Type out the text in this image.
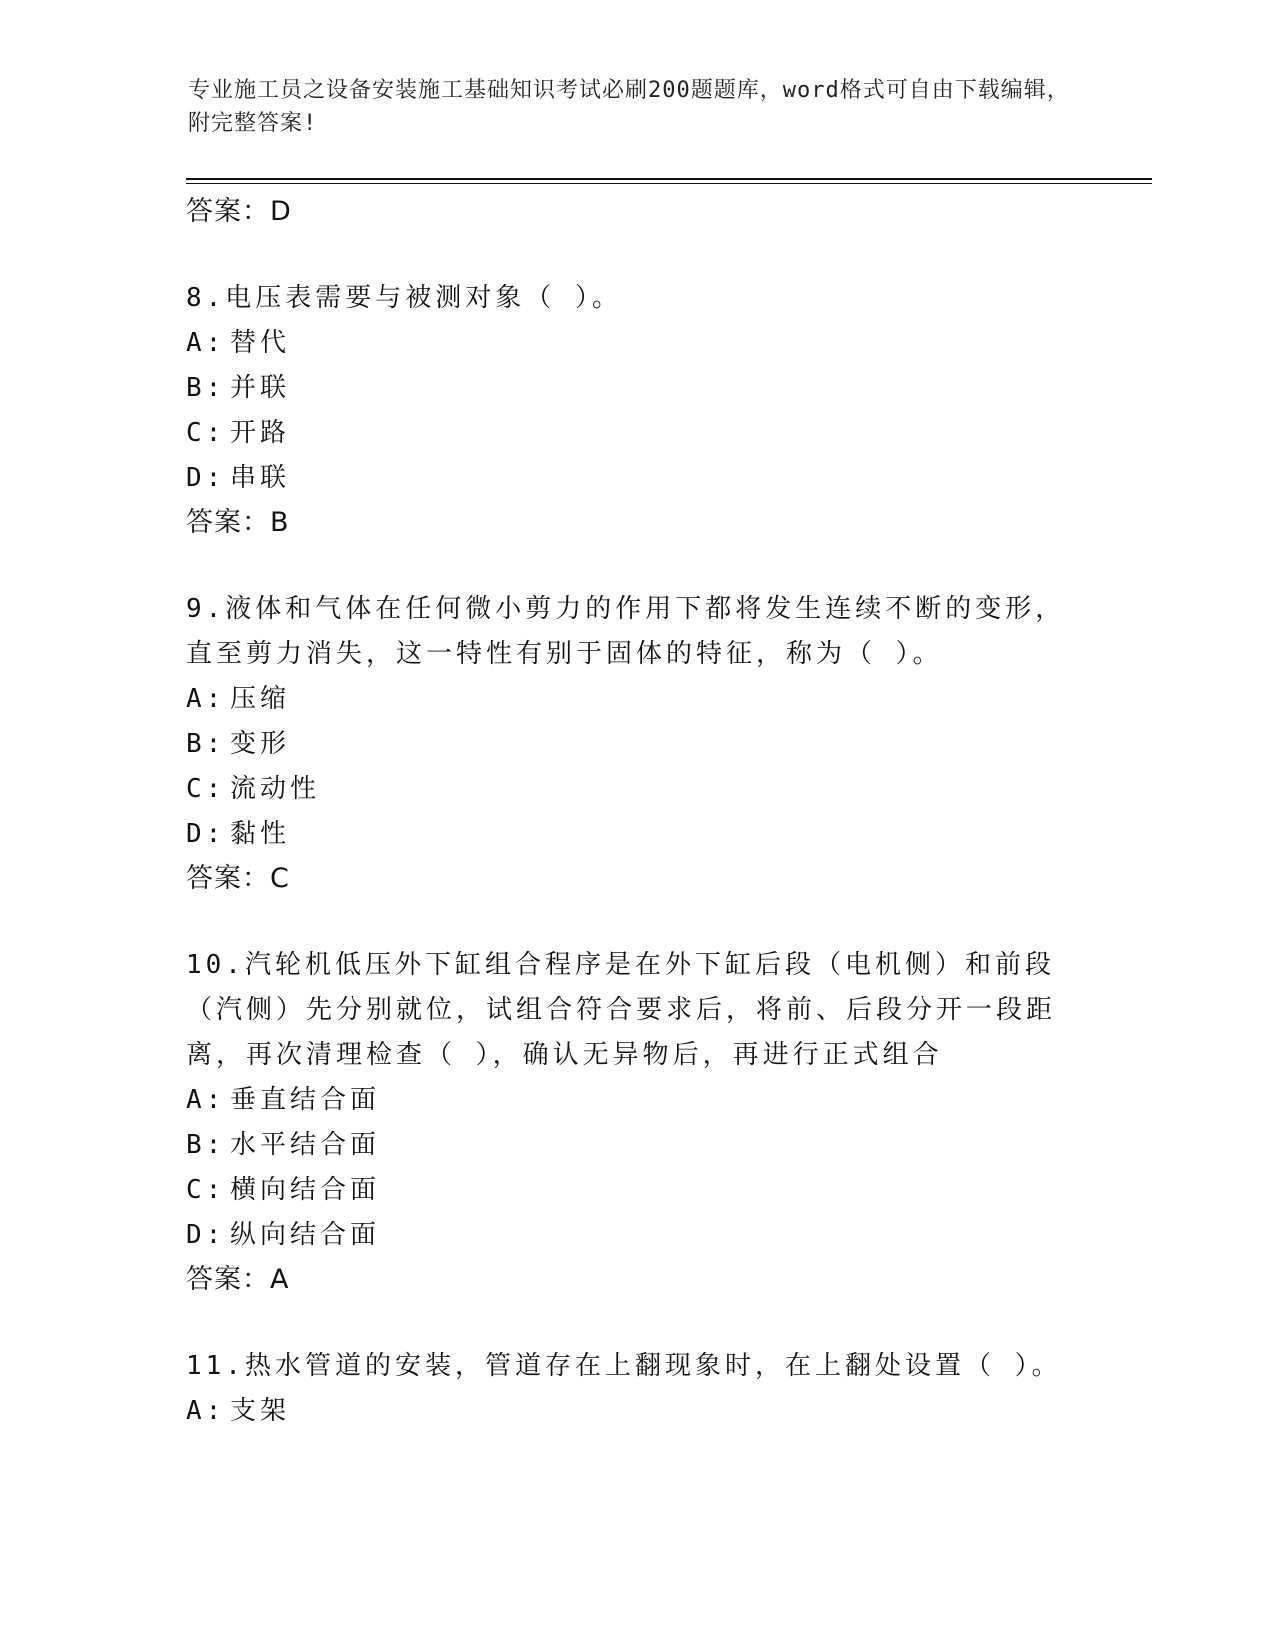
专业施工员之设备安装施工基础知识考试必刷200题题库，word格式可自由下载编辑，附完整答案!
答案：D
8.电压表需要与被测对象（ ）。
A: 替代
B: 并联
C: 开路
D: 串联
答案：B
9.液体和气体在任何微小剪力的作用下都将发生连续不断的变形，直至剪力消失，这一特性有别于固体的特征，称为（ ）。
A: 压缩
B: 变形
C: 流动性
D: 黏性
答案：C
10.汽轮机低压外下缸组合程序是在外下缸后段（电机侧）和前段（汽侧）先分别就位，试组合符合要求后，将前、后段分开一段距离，再次清理检查（ ），确认无异物后，再进行正式组合
A: 垂直结合面
B: 水平结合面
C: 横向结合面
D: 纵向结合面
答案：A
11.热水管道的安装，管道存在上翻现象时，在上翻处设置（ ）。
A: 支架
